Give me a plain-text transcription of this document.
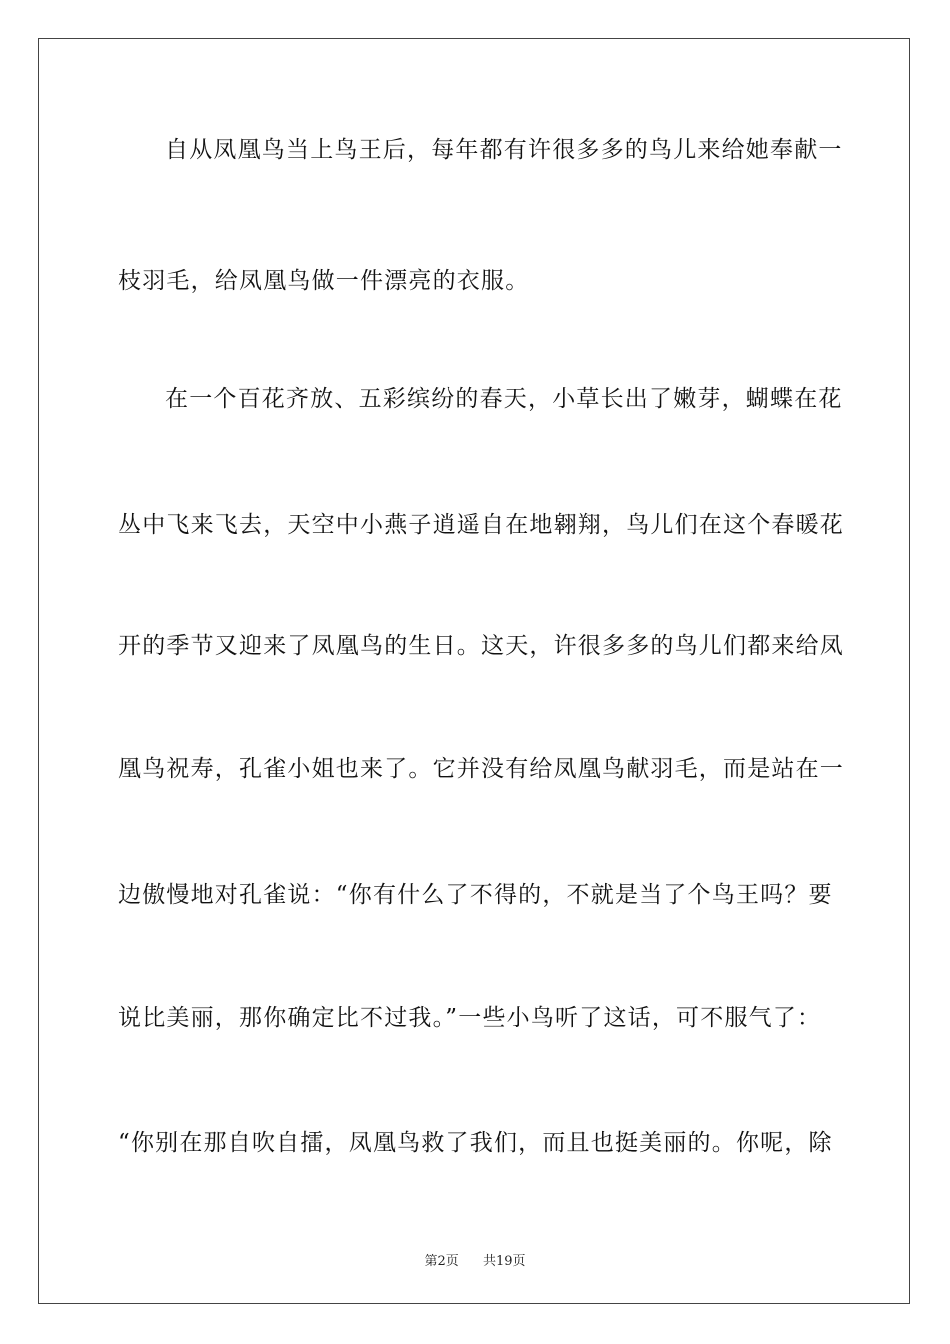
自从凤凰鸟当上鸟王后，每年都有许很多多的鸟儿来给她奉献一
枝羽毛，给凤凰鸟做一件漂亮的衣服。
在一个百花齐放、五彩缤纷的春天，小草长出了嫩芽，蝴蝶在花
丛中飞来飞去，天空中小燕子逍遥自在地翱翔，鸟儿们在这个春暖花
开的季节又迎来了凤凰鸟的生日。这天，许很多多的鸟儿们都来给凤
凰鸟祝寿，孔雀小姐也来了。它并没有给凤凰鸟献羽毛，而是站在一
边傲慢地对孔雀说：“你有什么了不得的，不就是当了个鸟王吗？要
说比美丽，那你确定比不过我。”一些小鸟听了这话，可不服气了：
“你别在那自吹自擂，凤凰鸟救了我们，而且也挺美丽的。你呢，除
第2页 共19页
